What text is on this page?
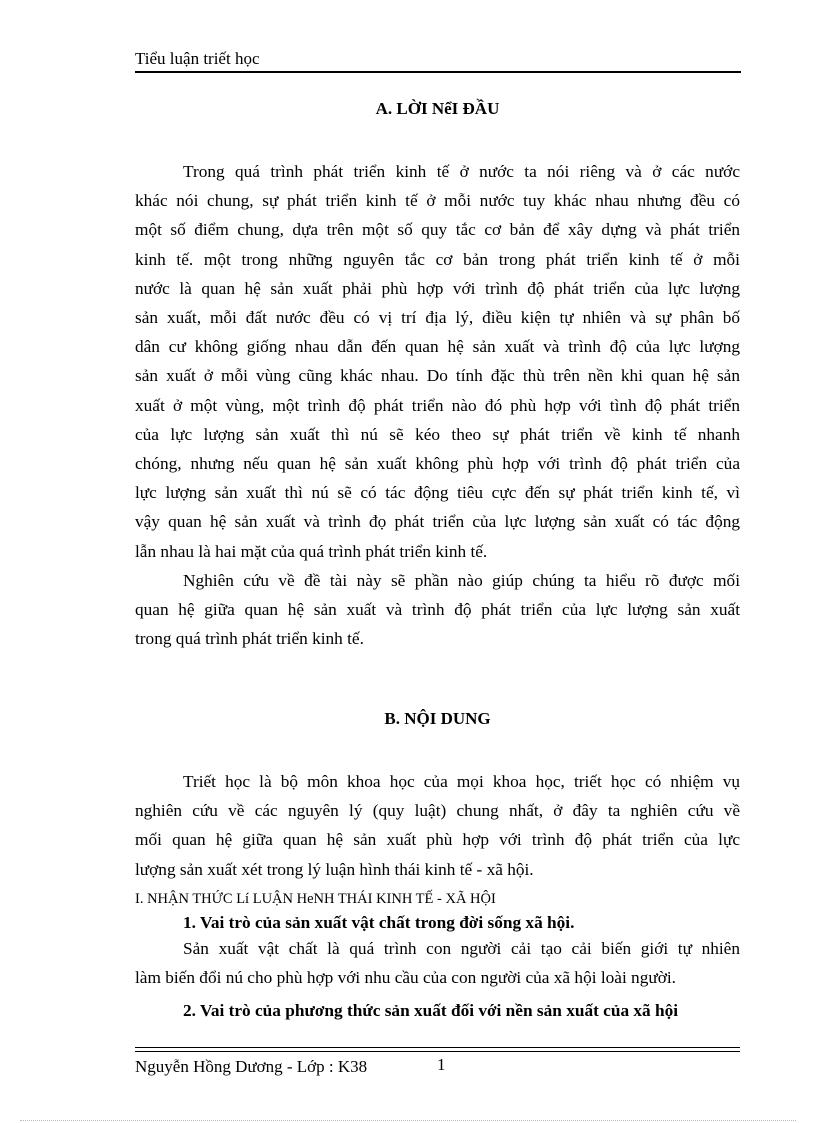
Tiểu luận triết học
A. LỜI NểI ĐẦU

Trong quá trình phát triển kinh tế ở nước ta nói riêng và ở các nước

khác nói chung, sự phát triển kinh tế ở mỗi nước tuy khác nhau nhưng đều có

một số điểm chung, dựa trên một số quy tắc cơ bản để xây dựng và phát triển

kinh tế. một trong những nguyên tắc cơ bản trong phát triển kinh tế ở mỗi

nước là quan hệ sản xuất phải phù hợp với trình độ phát triển của lực lượng

sản xuất, mỗi đất nước đều có vị trí địa lý, điều kiện tự nhiên và sự phân bố

dân cư không giống nhau dẫn đến quan hệ sản xuất và trình độ của lực lượng

sản xuất ở mỗi vùng cũng khác nhau. Do tính đặc thù trên nền khi quan hệ sản

xuất ở một vùng, một trình độ phát triển nào đó phù hợp với tình độ phát triển

của lực lượng sản xuất thì nú sẽ kéo theo sự phát triển về kinh tế nhanh

chóng, nhưng nếu quan hệ sản xuất không phù hợp với trình độ phát triển của

lực lượng sản xuất thì nú sẽ có tác động tiêu cực đến sự phát triển kinh tế, vì

vậy quan hệ sản xuất và trình đọ phát triển của lực lượng sản xuất có tác động

lẫn nhau là hai mặt của quá trình phát triển kinh tế.

Nghiên cứu về đề tài này sẽ phần nào giúp chúng ta hiểu rõ được mối

quan hệ giữa quan hệ sản xuất và trình độ phát triển của lực lượng sản xuất

trong quá trình phát triển kinh tế.

B. NỘI DUNG

Triết học là bộ môn khoa học của mọi khoa học, triết học có nhiệm vụ

nghiên cứu về các nguyên lý (quy luật) chung nhất, ở đây ta nghiên cứu về

mối quan hệ giữa quan hệ sản xuất phù hợp với trình độ phát triển của lực

lượng sản xuất xét trong lý luận hình thái kinh tế - xã hội.

I. NHẬN THỨC Lí LUẬN HeNH THÁI KINH TẾ - XÃ HỘI
1. Vai trò của sản xuất vật chất trong đời sống xã hội.

Sản xuất vật chất là quá trình con người cải tạo cải biến giới tự nhiên

làm biến đổi nú cho phù hợp với nhu cầu của con người của xã hội loài người.

2. Vai trò của phương thức sản xuất đối với nền sản xuất của xã hội
Nguyễn Hồng Dương - Lớp : K38	1
